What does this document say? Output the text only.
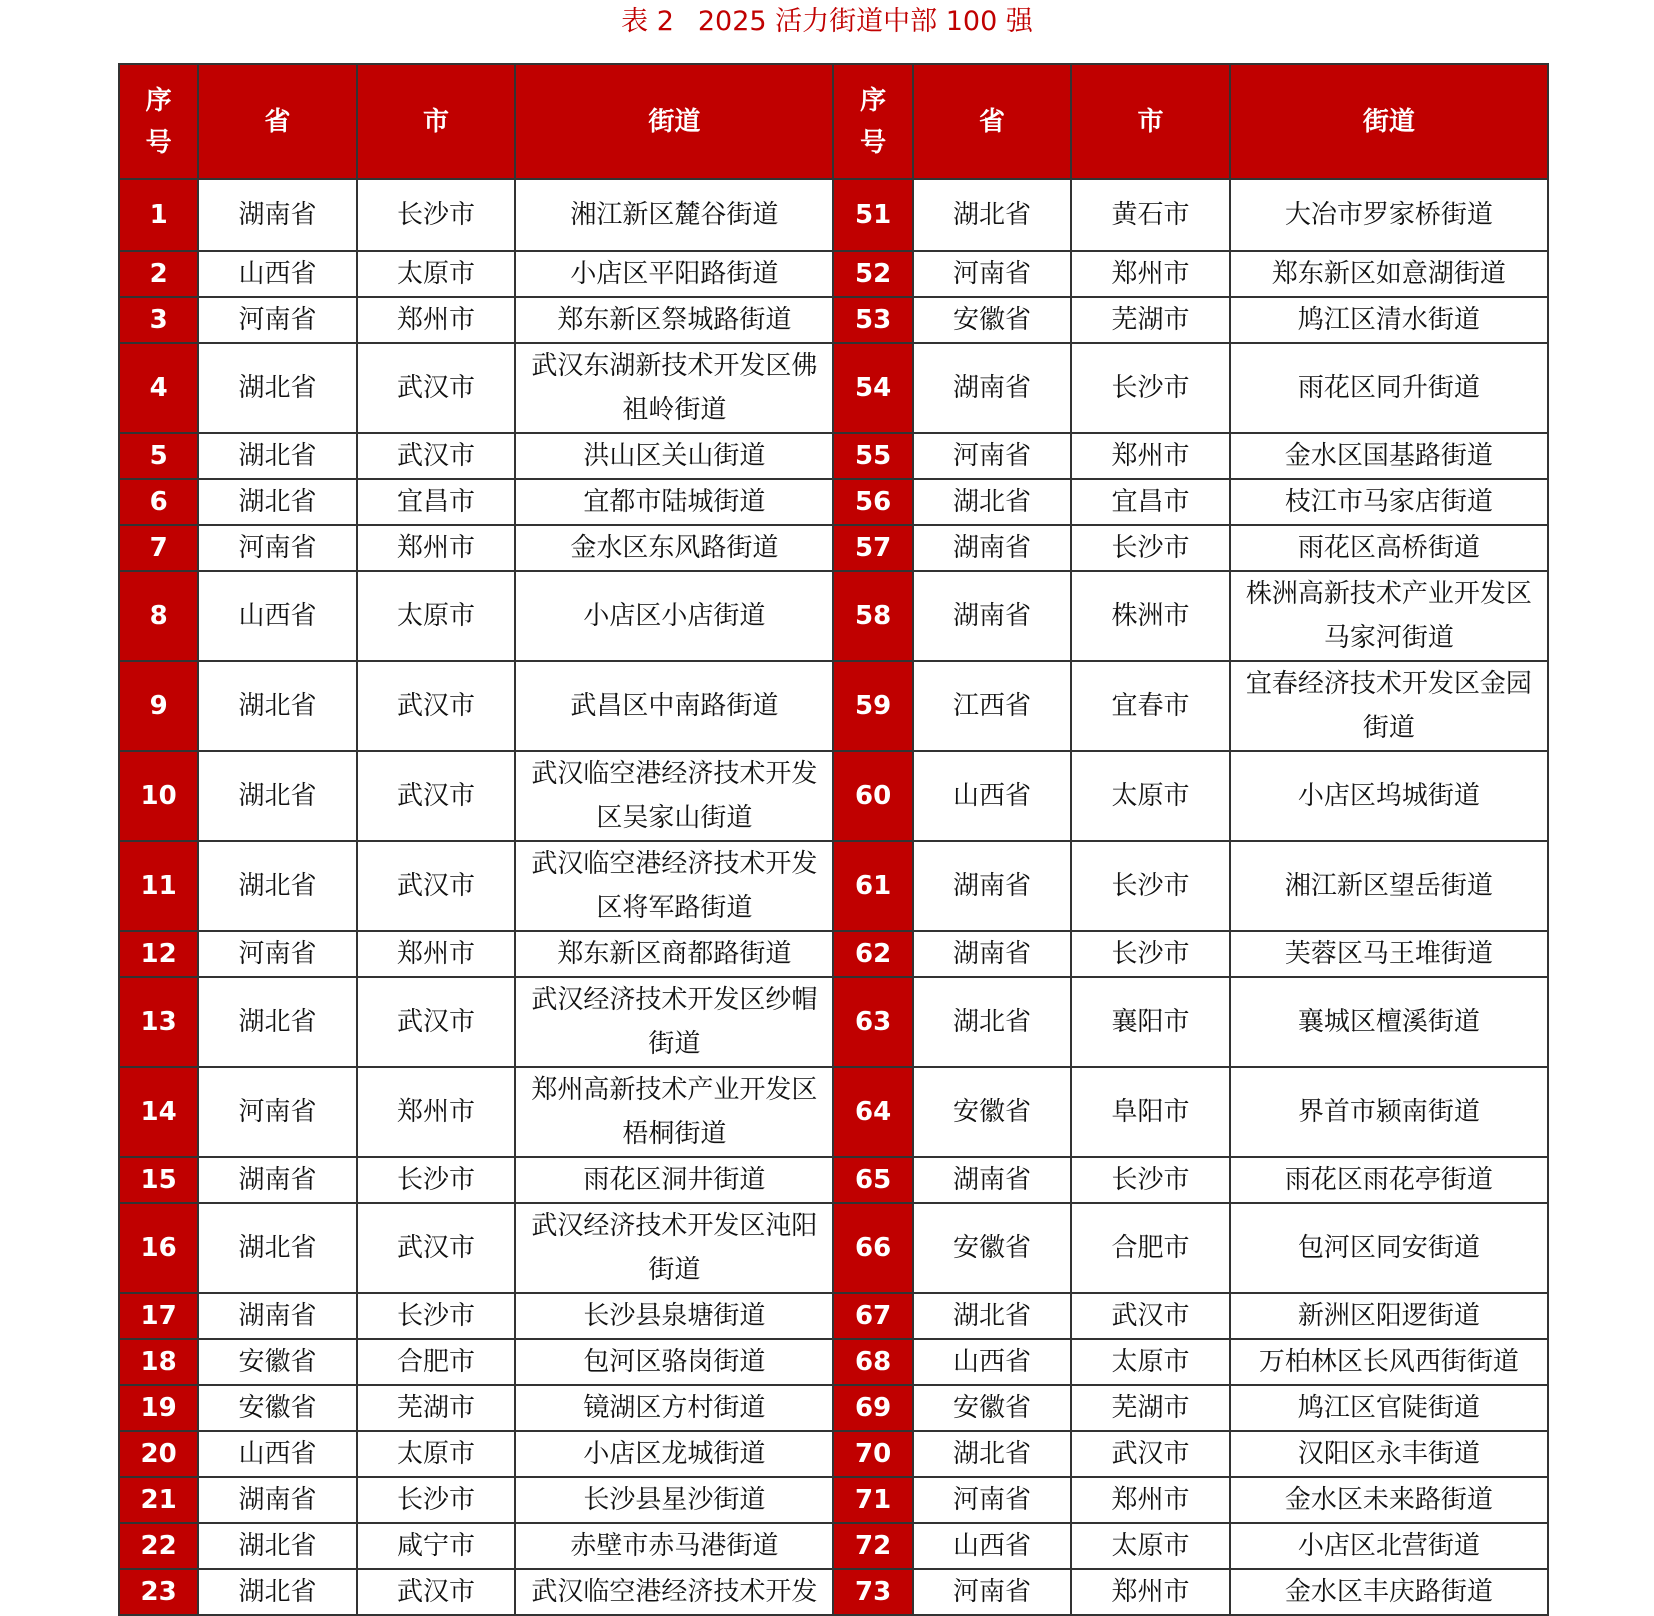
表 2 2025 活力街道中部 100 强
序
号	省	市	街道	序
号	省	市	街道
1	湖南省	长沙市	湘江新区麓谷街道	51	湖北省	黄石市	大冶市罗家桥街道
2	山西省	太原市	小店区平阳路街道	52	河南省	郑州市	郑东新区如意湖街道
3	河南省	郑州市	郑东新区祭城路街道	53	安徽省	芜湖市	鸠江区清水街道
4	湖北省	武汉市	武汉东湖新技术开发区佛祖岭街道	54	湖南省	长沙市	雨花区同升街道
5	湖北省	武汉市	洪山区关山街道	55	河南省	郑州市	金水区国基路街道
6	湖北省	宜昌市	宜都市陆城街道	56	湖北省	宜昌市	枝江市马家店街道
7	河南省	郑州市	金水区东风路街道	57	湖南省	长沙市	雨花区高桥街道
8	山西省	太原市	小店区小店街道	58	湖南省	株洲市	株洲高新技术产业开发区马家河街道
9	湖北省	武汉市	武昌区中南路街道	59	江西省	宜春市	宜春经济技术开发区金园街道
10	湖北省	武汉市	武汉临空港经济技术开发区吴家山街道	60	山西省	太原市	小店区坞城街道
11	湖北省	武汉市	武汉临空港经济技术开发区将军路街道	61	湖南省	长沙市	湘江新区望岳街道
12	河南省	郑州市	郑东新区商都路街道	62	湖南省	长沙市	芙蓉区马王堆街道
13	湖北省	武汉市	武汉经济技术开发区纱帽街道	63	湖北省	襄阳市	襄城区檀溪街道
14	河南省	郑州市	郑州高新技术产业开发区梧桐街道	64	安徽省	阜阳市	界首市颍南街道
15	湖南省	长沙市	雨花区洞井街道	65	湖南省	长沙市	雨花区雨花亭街道
16	湖北省	武汉市	武汉经济技术开发区沌阳街道	66	安徽省	合肥市	包河区同安街道
17	湖南省	长沙市	长沙县泉塘街道	67	湖北省	武汉市	新洲区阳逻街道
18	安徽省	合肥市	包河区骆岗街道	68	山西省	太原市	万柏林区长风西街街道
19	安徽省	芜湖市	镜湖区方村街道	69	安徽省	芜湖市	鸠江区官陡街道
20	山西省	太原市	小店区龙城街道	70	湖北省	武汉市	汉阳区永丰街道
21	湖南省	长沙市	长沙县星沙街道	71	河南省	郑州市	金水区未来路街道
22	湖北省	咸宁市	赤壁市赤马港街道	72	山西省	太原市	小店区北营街道
23	湖北省	武汉市	武汉临空港经济技术开发	73	河南省	郑州市	金水区丰庆路街道
